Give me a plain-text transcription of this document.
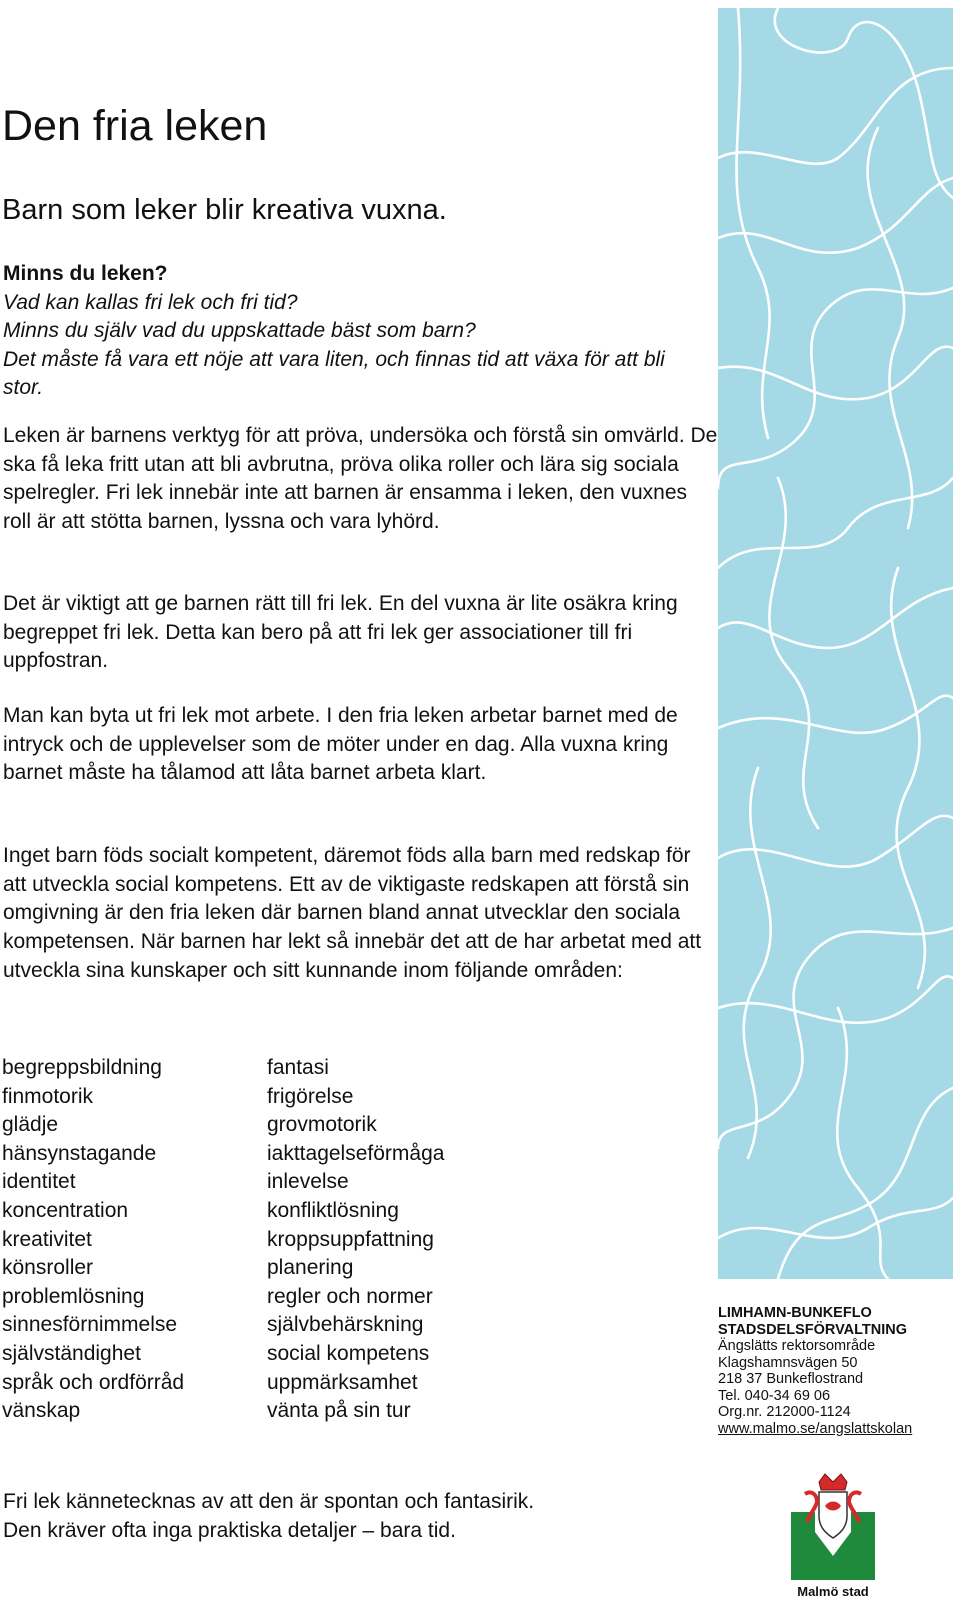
Den fria leken
Barn som leker blir kreativa vuxna.
Minns du leken?
Vad kan kallas fri lek och fri tid?
Minns du själv vad du uppskattade bäst som barn?
Det måste få vara ett nöje att vara liten, och finnas tid att växa för att bli stor.

Leken är barnens verktyg för att pröva, undersöka och förstå sin omvärld. De ska få leka fritt utan att bli avbrutna, pröva olika roller och lära sig sociala spelregler. Fri lek innebär inte att barnen är ensamma i leken, den vuxnes roll är att stötta barnen, lyssna och vara lyhörd.

Det är viktigt att ge barnen rätt till fri lek. En del vuxna är lite osäkra kring begreppet fri lek. Detta kan bero på att fri lek ger associationer till fri uppfostran.

Man kan byta ut fri lek mot arbete. I den fria leken arbetar barnet med de intryck och de upplevelser som de möter under en dag. Alla vuxna kring barnet måste ha tålamod att låta barnet arbeta klart.

Inget barn föds socialt kompetent, däremot föds alla barn med redskap för att utveckla social kompetens. Ett av de viktigaste redskapen att förstå sin omgivning är den fria leken där barnen bland annat utvecklar den sociala kompetensen. När barnen har lekt så innebär det att de har arbetat med att utveckla sina kunskaper och sitt kunnande inom följande områden:

begreppsbildning
finmotorik
glädje
hänsynstagande
identitet
koncentration
kreativitet
könsroller
problemlösning
sinnesförnimmelse
självständighet
språk och ordförråd
vänskap
fantasi
frigörelse
grovmotorik
iakttagelseförmåga
inlevelse
konfliktlösning
kroppsuppfattning
planering
regler och normer
självbehärskning
social kompetens
uppmärksamhet
vänta på sin tur
Fri lek kännetecknas av att den är spontan och fantasirik.
Den kräver ofta inga praktiska detaljer – bara tid.
LIMHAMN-BUNKEFLO
STADSDELSFÖRVALTNING
Ängslätts rektorsområde
Klagshamnsvägen 50
218 37 Bunkeflostrand
Tel. 040-34 69 06
Org.nr. 212000-1124
www.malmo.se/angslattskolan
Malmö stad
